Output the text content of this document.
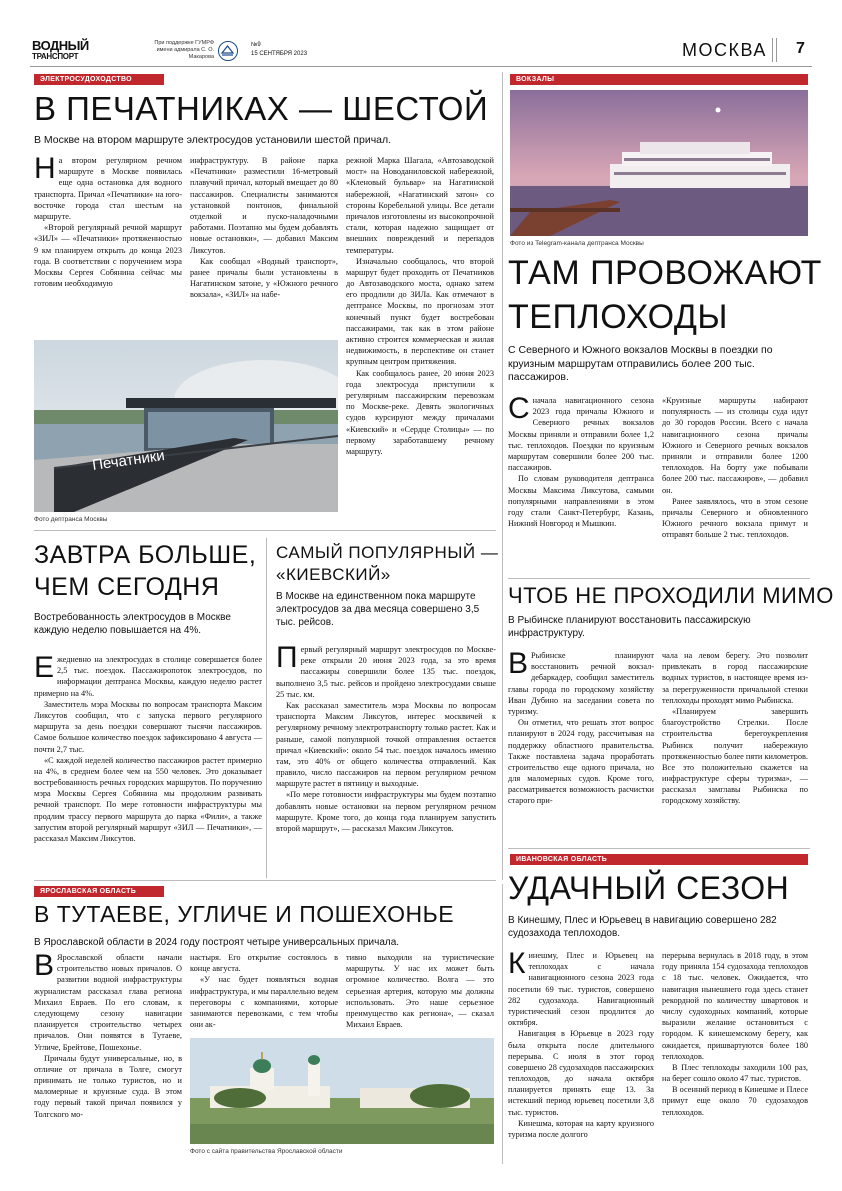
ВОДНЫЙ
ТРАНСПОРТ
При поддержке ГУМРФ имени адмирала С. О. Макарова
№9
15 СЕНТЯБРЯ 2023	МОСКВА 7
ЭЛЕКТРОСУДОХОДСТВО
В ПЕЧАТНИКАХ — ШЕСТОЙ
В Москве на втором маршруте электросудов установили шестой причал.

На втором регулярном речном маршруте в Москве появилась еще одна остановка для водного транспорта. Причал «Печатники» на юго-восточке города стал шестым на маршруте.

«Второй регулярный речной маршрут «ЗИЛ» — «Печатники» протяженностью 9 км планируем открыть до конца 2023 года. В соответствии с поручением мэра Москвы Сергея Собянина сейчас мы готовим необходимую

инфраструктуру. В районе парка «Печатники» разместили 16-метровый плавучий причал, который вмещает до 80 пассажиров. Специалисты занимаются установкой понтонов, финальной отделкой и пуско-наладочными работами. Поэтапно мы будем добавлять новые остановки», — добавил Максим Ликсутов.

Как сообщал «Водный транспорт», ранее причалы были установлены в Нагатинском затоне, у «Южного речного вокзала», «ЗИЛ» на набе-

режной Марка Шагала, «Автозаводской мост» на Новоданиловской набережной, «Кленовый бульвар» на Нагатинской набережной, «Нагатинский затон» со стороны Коребельной улицы. Все детали причалов изготовлены из высокопрочной стали, которая надежно защищает от внешних повреждений и перепадов температуры.

Изначально сообщалось, что второй маршрут будет проходить от Печатников до Автозаводского моста, однако затем его продлили до ЗИЛа. Как отмечают в дептрансе Москвы, по прогнозам этот конечный пункт будет востребован пассажирами, так как в этом районе активно строится коммерческая и жилая недвижимость, в перспективе он станет крупным центром притяжения.

Как сообщалось ранее, 20 июня 2023 года электросуда приступили к регулярным пассажирским перевозкам по Москве-реке. Девять экологичных судов курсируют между причалами «Киевский» и «Сердце Столицы» — по первому заработавшему речному маршруту.

Печатники
Фото дептранса Москвы
ВОКЗАЛЫ
Фото из Telegram-канала дептранса Москвы
ТАМ ПРОВОЖАЮТ
ТЕПЛОХОДЫ
С Северного и Южного вокзалов Москвы в поездки по круизным маршрутам отправились более 200 тыс. пассажиров.

Сначала навигационного сезона 2023 года причалы Южного и Северного речных вокзалов Москвы приняли и отправили более 1,2 тыс. теплоходов. Поездки по круизным маршрутам совершили более 200 тыс. пассажиров.

По словам руководителя дептранса Москвы Максима Ликсутова, самыми популярными направлениями в этом году стали Санкт-Петербург, Казань, Нижний Новгород и Мышкин.

«Круизные маршруты набирают популярность — из столицы суда идут до 30 городов России. Всего с начала навигационного сезона причалы Южного и Северного речных вокзалов приняли и отправили более 1200 теплоходов. На борту уже побывали более 200 тыс. пассажиров», — добавил он.

Ранее заявлялось, что в этом сезоне причалы Северного и обновленного Южного речного вокзала примут и отправят больше 2 тыс. теплоходов.

ЗАВТРА БОЛЬШЕ,
ЧЕМ СЕГОДНЯ
Востребованность электросудов в Москве каждую неделю повышается на 4%.

Ежедневно на электросудах в столице совершается более 2,5 тыс. поездок. Пассажиропоток электросудов, по информации дептранса Москвы, каждую неделю растет примерно на 4%.

Заместитель мэра Москвы по вопросам транспорта Максим Ликсутов сообщил, что с запуска первого регулярного маршрута за день поездки совершают тысячи пассажиров. Самое большое количество поездок зафиксировано 4 августа — почти 2,7 тыс.

«С каждой неделей количество пассажиров растет примерно на 4%, в среднем более чем на 550 человек. Это доказывает востребованность речных городских маршрутов. По поручению мэра Москвы Сергея Собянина мы продолжим развивать речной транспорт. По мере готовности инфраструктуры мы продлим трассу первого маршрута до парка «Фили», а также запустим второй регулярный маршрут «ЗИЛ — Печатники», — рассказал Максим Ликсутов.

САМЫЙ ПОПУЛЯРНЫЙ —
«КИЕВСКИЙ»
В Москве на единственном пока маршруте электросудов за два месяца совершено 3,5 тыс. рейсов.

Первый регулярный маршрут электросудов по Москве-реке открыли 20 июня 2023 года, за это время пассажиры совершили более 135 тыс. поездок, выполнено 3,5 тыс. рейсов и пройдено электросудами свыше 25 тыс. км.

Как рассказал заместитель мэра Москвы по вопросам транспорта Максим Ликсутов, интерес москвичей к регулярному речному электротранспорту только растет. Как и раньше, самой популярной точкой отправления остается причал «Киевский»: около 54 тыс. поездок началось именно там, это 40% от общего количества отправлений. Как правило, число пассажиров на первом регулярном речном маршруте растет в пятницу и выходные.

«По мере готовности инфраструктуры мы будем поэтапно добавлять новые остановки на первом регулярном речном маршруте. Кроме того, до конца года планируем запустить второй маршрут», — рассказал Максим Ликсутов.

ЧТОБ НЕ ПРОХОДИЛИ МИМО
В Рыбинске планируют восстановить пассажирскую инфраструктуру.

В Рыбинске планируют восстановить речной вокзал-дебаркадер, сообщил заместитель главы города по городскому хозяйству Иван Дубино на заседании совета по туризму.

Он отметил, что решать этот вопрос планируют в 2024 году, рассчитывая на поддержку областного правительства. Также поставлена задача проработать строительство еще одного причала, но для маломерных судов. Кроме того, рассматривается возможность расчистки старого при-

чала на левом берегу. Это позволит привлекать в город пассажирские водных туристов, в настоящее время из-за перегруженности причальной стенки теплоходы проходят мимо Рыбинска.

«Планируем завершить благоустройство Стрелки. После строительства берегоукрепления Рыбинск получит набережную протяженностью более пяти километров. Все это положительно скажется на инфраструктуре сферы туризма», — рассказал замглавы Рыбинска по городскому хозяйству.

ЯРОСЛАВСКАЯ ОБЛАСТЬ
В ТУТАЕВЕ, УГЛИЧЕ И ПОШЕХОНЬЕ
В Ярославской области в 2024 году построят четыре универсальных причала.

В Ярославской области начали строительство новых причалов. О развитии водной инфраструктуры журналистам рассказал глава региона Михаил Евраев. По его словам, к следующему сезону навигации планируется строительство четырех причалов. Они появятся в Тутаеве, Угличе, Брейтове, Пошехонье.

Причалы будут универсальные, но, в отличие от причала в Толге, смогут принимать не только туристов, но и маломерные и круизные суда. В этом году первый такой причал появился у Толгского мо-

настыря. Его открытие состоялось в конце августа.

«У нас будет появляться водная инфраструктура, и мы параллельно ведем переговоры с компаниями, которые занимаются перевозками, с тем чтобы они ак-

тивно выходили на туристические маршруты. У нас их может быть огромное количество. Волга — это серьезная артерия, которую мы должны использовать. Это наше серьезное преимущество как региона», — сказал Михаил Евраев.

Фото с сайта правительства Ярославской области
ИВАНОВСКАЯ ОБЛАСТЬ
УДАЧНЫЙ СЕЗОН
В Кинешму, Плес и Юрьевец в навигацию совершено 282 судозахода теплоходов.

Кинешму, Плес и Юрьевец на теплоходах с начала навигационного сезона 2023 года посетили 69 тыс. туристов, совершено 282 судозахода. Навигационный туристический сезон продлится до октября.

Навигация в Юрьевце в 2023 году была открыта после длительного перерыва. С июля в этот город совершено 28 судозаходов пассажирских теплоходов, до начала октября планируется принять еще 13. За истекший период юрьевец посетили 3,8 тыс. туристов.

Кинешма, которая на карту круизного туризма после долгого

перерыва вернулась в 2018 году, в этом году приняла 154 судозахода теплоходов с 18 тыс. человек. Ожидается, что навигация нынешнего года здесь станет рекордной по количеству швартовок и числу судоходных компаний, которые выразили желание остановиться с городом. К кинешемскому берегу, как ожидается, пришвартуются более 180 теплоходов.

В Плес теплоходы заходили 100 раз, на берег сошло около 47 тыс. туристов.

В осенний период в Кинешме и Плесе примут еще около 70 судозаходов теплоходов.
